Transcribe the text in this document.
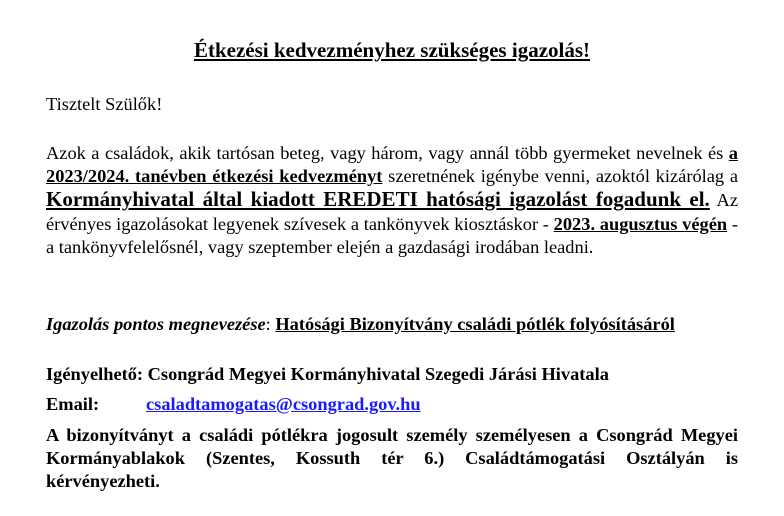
Étkezési kedvezményhez szükséges igazolás!
Tisztelt Szülők!
Azok a családok, akik tartósan beteg, vagy három, vagy annál több gyermeket nevelnek és a 2023/2024. tanévben étkezési kedvezményt szeretnének igénybe venni, azoktól kizárólag a Kormányhivatal által kiadott EREDETI hatósági igazolást fogadunk el. Az érvényes igazolásokat legyenek szívesek a tankönyvek kiosztáskor - 2023. augusztus végén - a tankönyvfelelősnél, vagy szeptember elején a gazdasági irodában leadni.
Igazolás pontos megnevezése: Hatósági Bizonyítvány családi pótlék folyósításáról
Igényelhető: Csongrád Megyei Kormányhivatal Szegedi Járási Hivatala
Email:	csaladtamogatas@csongrad.gov.hu
A bizonyítványt a családi pótlékra jogosult személy személyesen a Csongrád Megyei Kormányablakok (Szentes, Kossuth tér 6.) Családtámogatási Osztályán is kérvényezheti.
